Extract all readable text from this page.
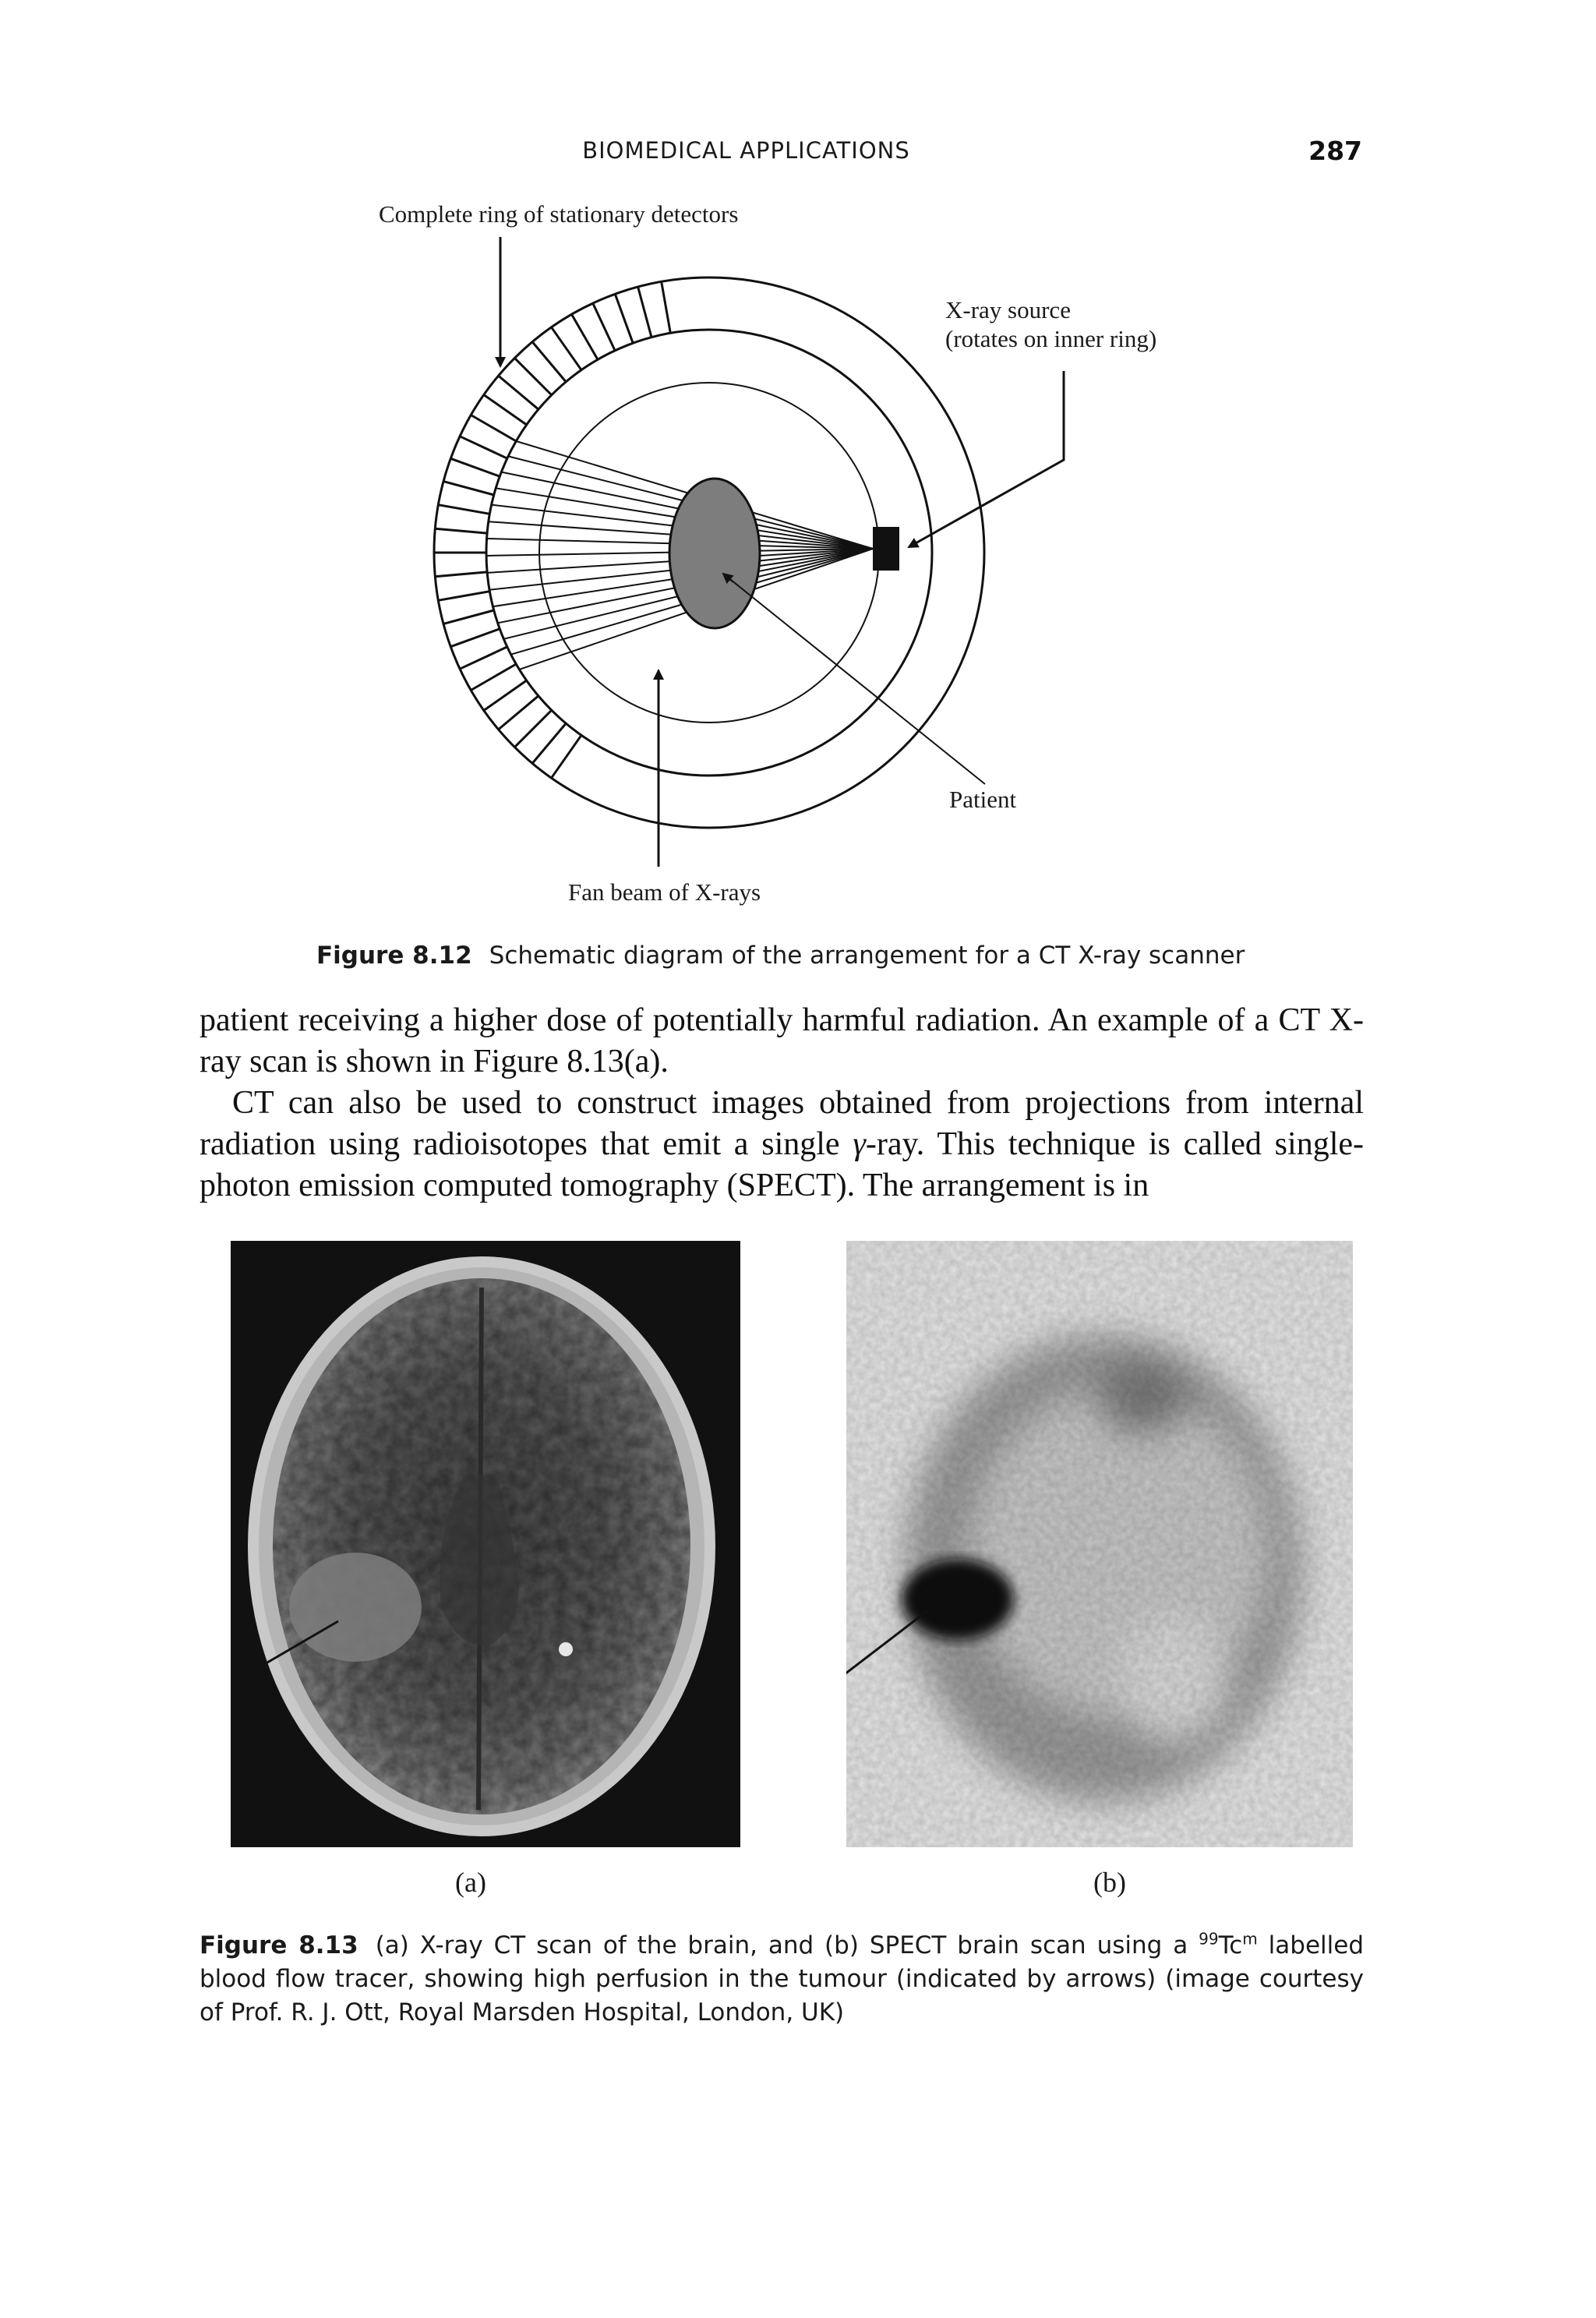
BIOMEDICAL APPLICATIONS	287
Complete ring of stationary detectors
X-ray source
(rotates on inner ring)
Patient
Fan beam of X-rays
Figure 8.12 Schematic diagram of the arrangement for a CT X-ray scanner

patient receiving a higher dose of potentially harmful radiation. An example of a CT X-ray scan is shown in Figure 8.13(a).

CT can also be used to construct images obtained from projections from internal radiation using radioisotopes that emit a single γ-ray. This technique is called single-photon emission computed tomography (SPECT). The arrangement is in

(a)	(b)
Figure 8.13 (a) X-ray CT scan of the brain, and (b) SPECT brain scan using a $^{99}$Tc$^m$ labelled blood flow tracer, showing high perfusion in the tumour (indicated by arrows) (image courtesy of Prof. R. J. Ott, Royal Marsden Hospital, London, UK)
